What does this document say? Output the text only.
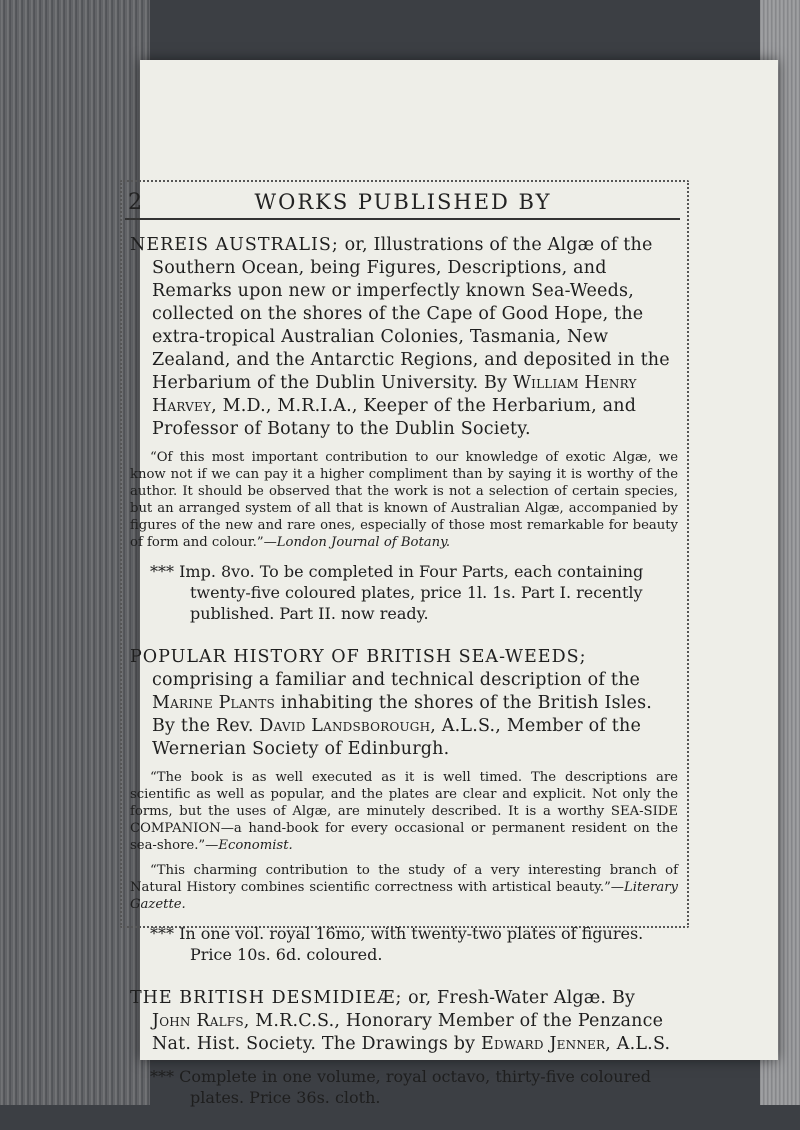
2	WORKS PUBLISHED BY
NEREIS AUSTRALIS; or, Illustrations of the Algæ of the Southern Ocean, being Figures, Descriptions, and Remarks upon new or imperfectly known Sea-Weeds, collected on the shores of the Cape of Good Hope, the extra-tropical Australian Colonies, Tasmania, New Zealand, and the Antarctic Regions, and deposited in the Herbarium of the Dublin University. By William Henry Harvey, M.D., M.R.I.A., Keeper of the Herbarium, and Professor of Botany to the Dublin Society.
“Of this most important contribution to our knowledge of exotic Algæ, we know not if we can pay it a higher compliment than by saying it is worthy of the author. It should be observed that the work is not a selection of certain species, but an arranged system of all that is known of Australian Algæ, accompanied by figures of the new and rare ones, especially of those most remarkable for beauty of form and colour.”—London Journal of Botany.
*** Imp. 8vo. To be completed in Four Parts, each containing twenty-five coloured plates, price 1l. 1s. Part I. recently published. Part II. now ready.
POPULAR HISTORY OF BRITISH SEA-WEEDS; comprising a familiar and technical description of the Marine Plants inhabiting the shores of the British Isles. By the Rev. David Landsborough, A.L.S., Member of the Wernerian Society of Edinburgh.
“The book is as well executed as it is well timed. The descriptions are scientific as well as popular, and the plates are clear and explicit. Not only the forms, but the uses of Algæ, are minutely described. It is a worthy SEA-SIDE COMPANION—a hand-book for every occasional or permanent resident on the sea-shore.”—Economist.
“This charming contribution to the study of a very interesting branch of Natural History combines scientific correctness with artistical beauty.”—Literary Gazette.
*** In one vol. royal 16mo, with twenty-two plates of figures. Price 10s. 6d. coloured.
THE BRITISH DESMIDIEÆ; or, Fresh-Water Algæ. By John Ralfs, M.R.C.S., Honorary Member of the Penzance Nat. Hist. Society. The Drawings by Edward Jenner, A.L.S.
*** Complete in one volume, royal octavo, thirty-five coloured plates. Price 36s. cloth.
